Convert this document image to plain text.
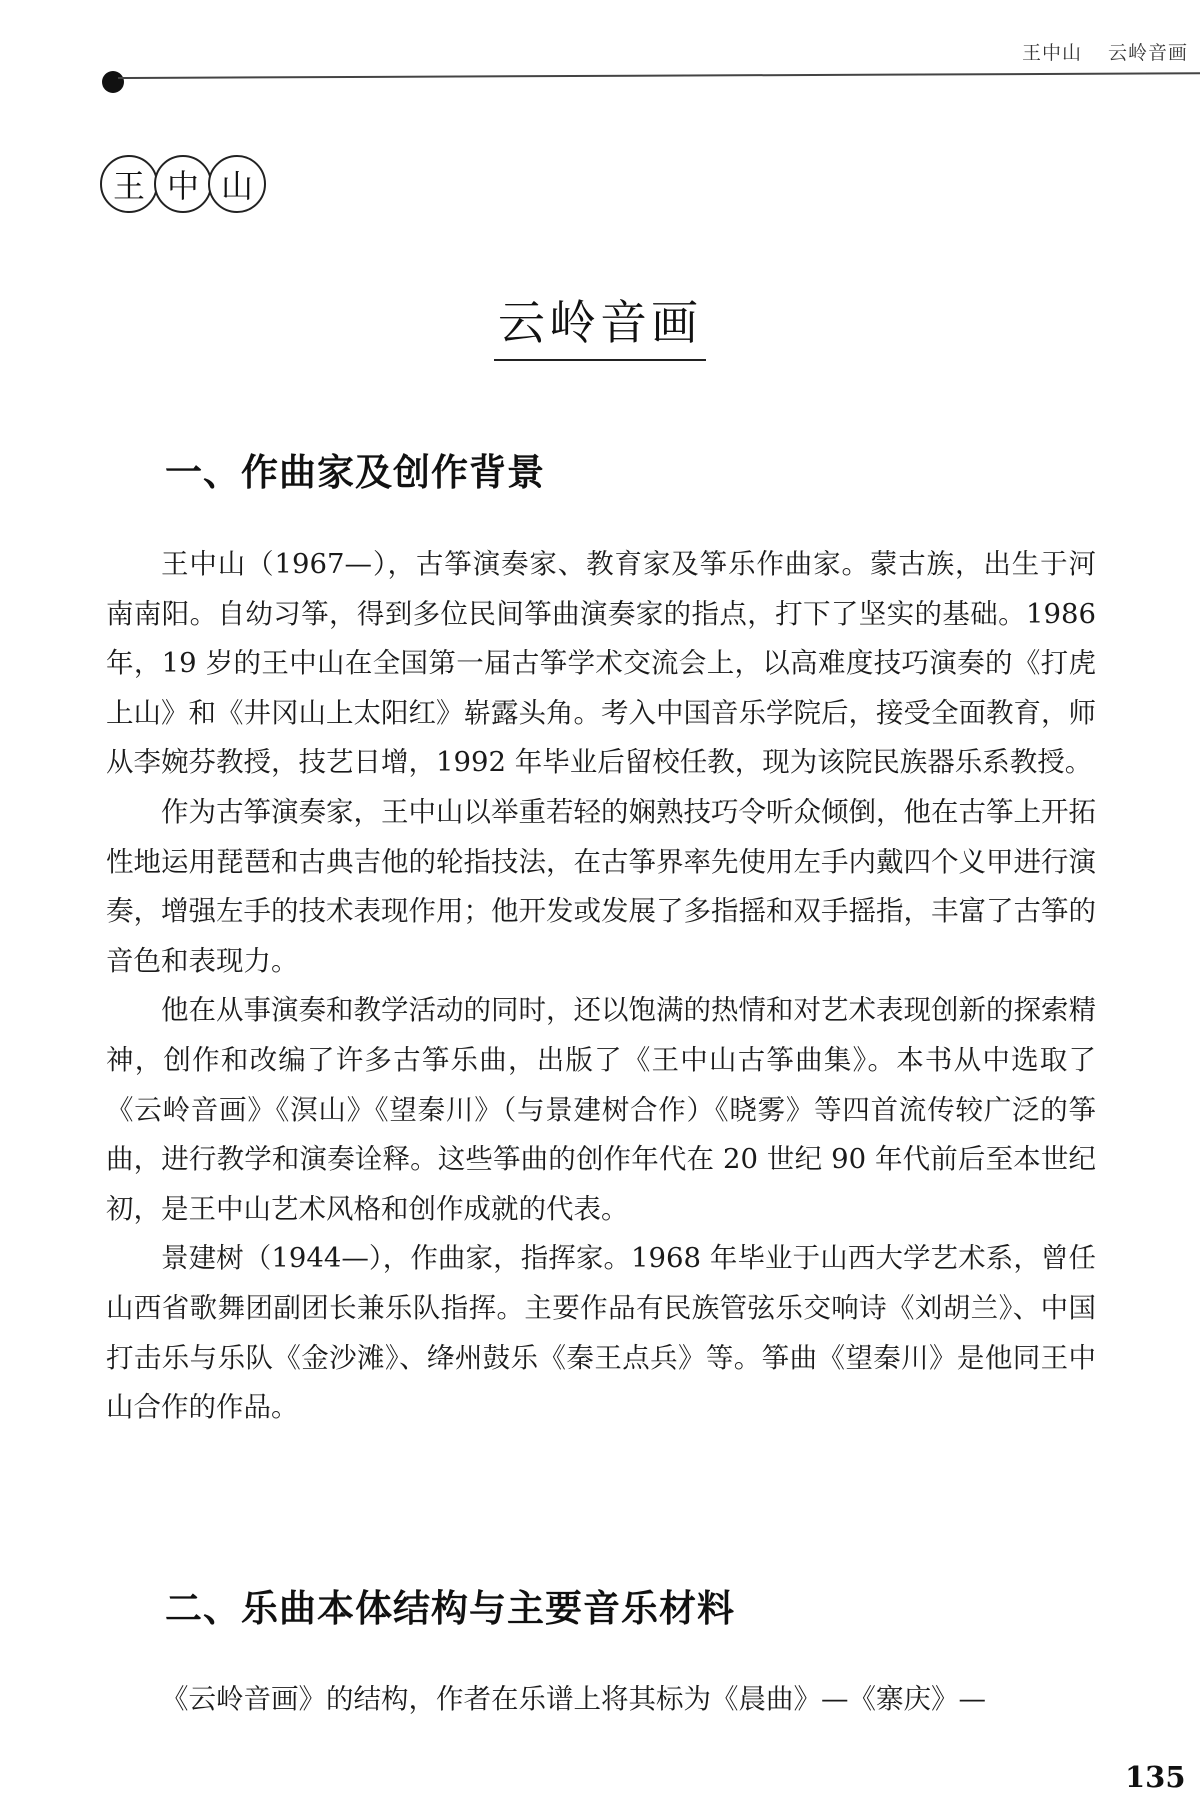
王中山 云岭音画
王 中 山
云岭音画
一、作曲家及创作背景

王中山（1967—），古筝演奏家、教育家及筝乐作曲家。蒙古族，出生于河南南阳。自幼习筝，得到多位民间筝曲演奏家的指点，打下了坚实的基础。1986 年，19 岁的王中山在全国第一届古筝学术交流会上，以高难度技巧演奏的《打虎上山》和《井冈山上太阳红》崭露头角。考入中国音乐学院后，接受全面教育，师从李婉芬教授，技艺日增，1992 年毕业后留校任教，现为该院民族器乐系教授。

作为古筝演奏家，王中山以举重若轻的娴熟技巧令听众倾倒，他在古筝上开拓性地运用琵琶和古典吉他的轮指技法，在古筝界率先使用左手内戴四个义甲进行演奏，增强左手的技术表现作用；他开发或发展了多指摇和双手摇指，丰富了古筝的音色和表现力。

他在从事演奏和教学活动的同时，还以饱满的热情和对艺术表现创新的探索精神，创作和改编了许多古筝乐曲，出版了《王中山古筝曲集》。本书从中选取了《云岭音画》《溟山》《望秦川》（与景建树合作）《晓雾》等四首流传较广泛的筝曲，进行教学和演奏诠释。这些筝曲的创作年代在 20 世纪 90 年代前后至本世纪初，是王中山艺术风格和创作成就的代表。

景建树（1944—），作曲家，指挥家。1968 年毕业于山西大学艺术系，曾任山西省歌舞团副团长兼乐队指挥。主要作品有民族管弦乐交响诗《刘胡兰》、中国打击乐与乐队《金沙滩》、绛州鼓乐《秦王点兵》等。筝曲《望秦川》是他同王中山合作的作品。

二、乐曲本体结构与主要音乐材料

《云岭音画》的结构，作者在乐谱上将其标为《晨曲》—《寨庆》—

135
